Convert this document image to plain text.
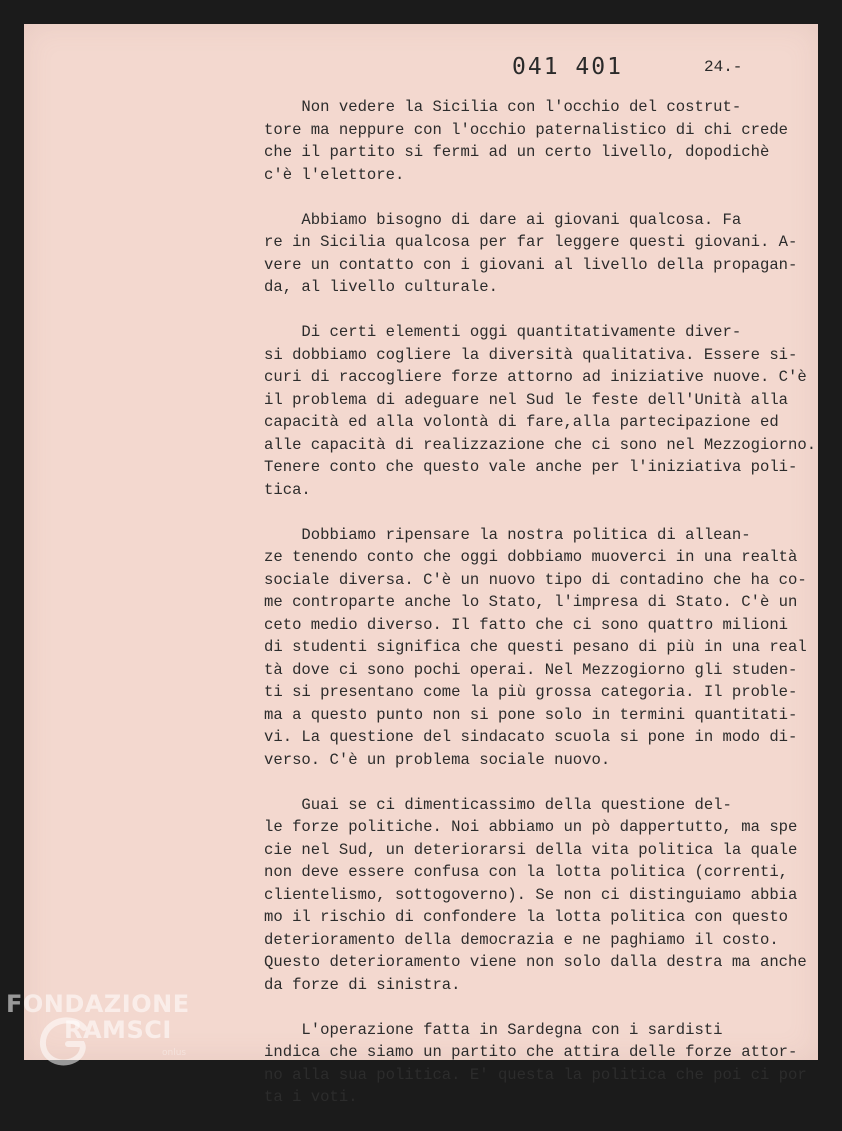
041 401	24.-
Non vedere la Sicilia con l'occhio del costrut-
tore ma neppure con l'occhio paternalistico di chi crede
che il partito si fermi ad un certo livello, dopodichè
c'è l'elettore.
Abbiamo bisogno di dare ai giovani qualcosa. Fa
re in Sicilia qualcosa per far leggere questi giovani. A-
vere un contatto con i giovani al livello della propagan-
da, al livello culturale.
Di certi elementi oggi quantitativamente diver-
si dobbiamo cogliere la diversità qualitativa. Essere si-
curi di raccogliere forze attorno ad iniziative nuove. C'è
il problema di adeguare nel Sud le feste dell'Unità alla
capacità ed alla volontà di fare,alla partecipazione ed
alle capacità di realizzazione che ci sono nel Mezzogiorno.
Tenere conto che questo vale anche per l'iniziativa poli-
tica.
Dobbiamo ripensare la nostra politica di allean-
ze tenendo conto che oggi dobbiamo muoverci in una realtà
sociale diversa. C'è un nuovo tipo di contadino che ha co-
me controparte anche lo Stato, l'impresa di Stato. C'è un
ceto medio diverso. Il fatto che ci sono quattro milioni
di studenti significa che questi pesano di più in una real
tà dove ci sono pochi operai. Nel Mezzogiorno gli studen-
ti si presentano come la più grossa categoria. Il proble-
ma a questo punto non si pone solo in termini quantitati-
vi. La questione del sindacato scuola si pone in modo di-
verso. C'è un problema sociale nuovo.
Guai se ci dimenticassimo della questione del-
le forze politiche. Noi abbiamo un pò dappertutto, ma spe
cie nel Sud, un deteriorarsi della vita politica la quale
non deve essere confusa con la lotta politica (correnti,
clientelismo, sottogoverno). Se non ci distinguiamo abbia
mo il rischio di confondere la lotta politica con questo
deterioramento della democrazia e ne paghiamo il costo.
Questo deterioramento viene non solo dalla destra ma anche
da forze di sinistra.
L'operazione fatta in Sardegna con i sardisti
indica che siamo un partito che attira delle forze attor-
no alla sua politica. E' questa la politica che poi ci por
ta i voti.
FONDAZIONE
RAMSCI
onlus
